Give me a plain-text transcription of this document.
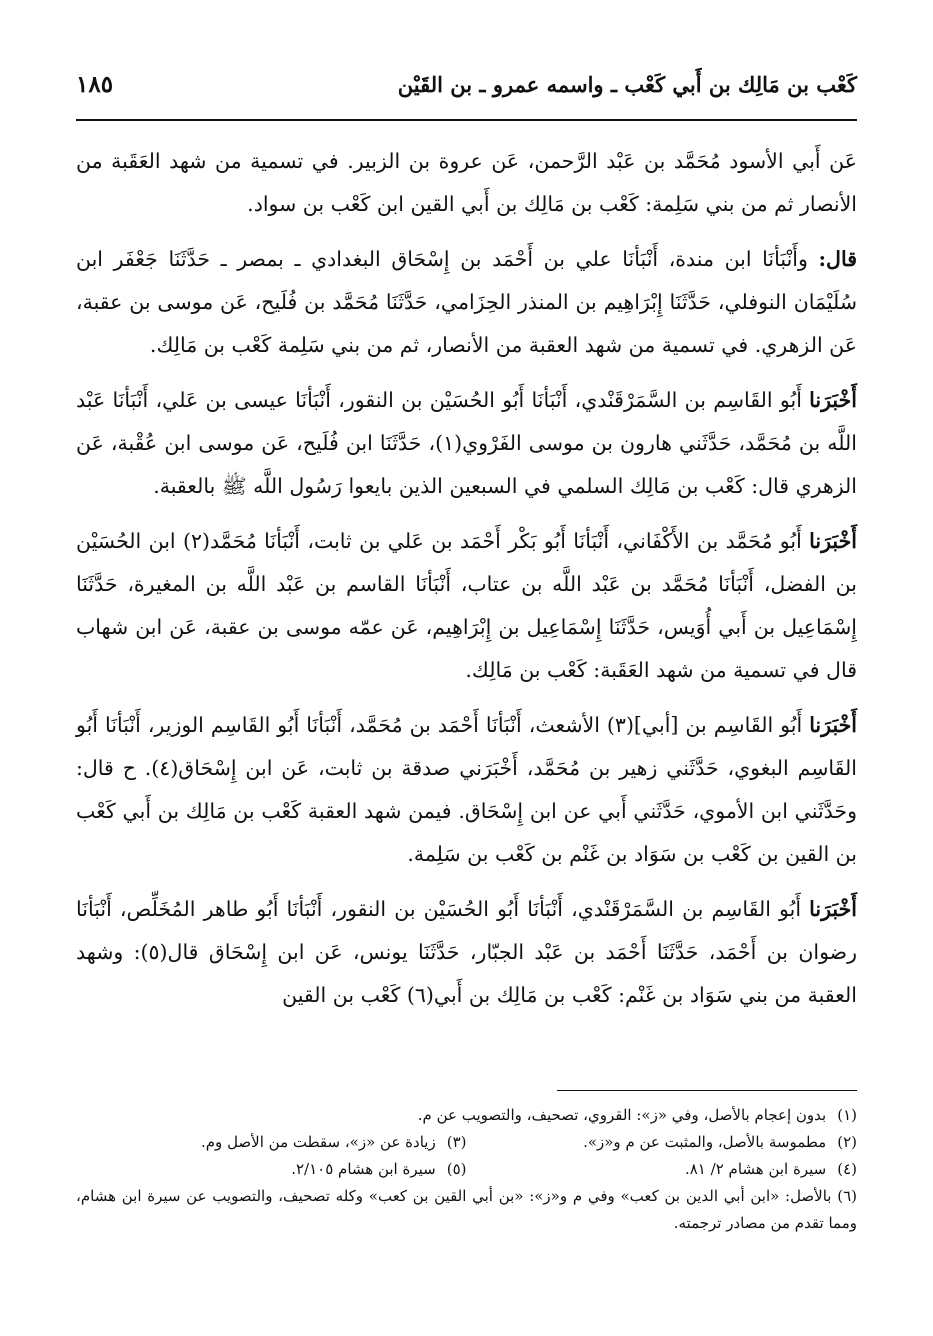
كَعْب بن مَالِك بن أَبي كَعْب ـ واسمه عمرو ـ بن القَيْن
١٨٥

عَن أَبي الأسود مُحَمَّد بن عَبْد الرَّحمن، عَن عروة بن الزبير. في تسمية من شهد العَقَبة من الأنصار ثم من بني سَلِمة: كَعْب بن مَالِك بن أَبي القين ابن كَعْب بن سواد.

قال: وأَنْبَأنَا ابن مندة، أَنْبَأنَا علي بن أَحْمَد بن إِسْحَاق البغدادي ـ بمصر ـ حَدَّثَنَا جَعْفَر ابن سُلَيْمَان النوفلي، حَدَّثَنَا إِبْرَاهِيم بن المنذر الحِزَامي، حَدَّثَنَا مُحَمَّد بن فُلَيح، عَن موسى بن عقبة، عَن الزهري. في تسمية من شهد العقبة من الأنصار، ثم من بني سَلِمة كَعْب بن مَالِك.

أَخْبَرَنا أَبُو القَاسِم بن السَّمَرْقَنْدي، أَنْبَأنَا أَبُو الحُسَيْن بن النقور، أَنْبَأنَا عيسى بن عَلي، أَنْبَأنَا عَبْد اللَّه بن مُحَمَّد، حَدَّثَني هارون بن موسى الفَرْوي(١)، حَدَّثَنَا ابن فُلَيح، عَن موسى ابن عُقْبة، عَن الزهري قال: كَعْب بن مَالِك السلمي في السبعين الذين بايعوا رَسُول اللَّه ﷺ بالعقبة.

أَخْبَرَنا أَبُو مُحَمَّد بن الأَكْفَاني، أَنْبَأنَا أَبُو بَكْر أَحْمَد بن عَلي بن ثابت، أَنْبَأنَا مُحَمَّد(٢) ابن الحُسَيْن بن الفضل، أَنْبَأنَا مُحَمَّد بن عَبْد اللَّه بن عتاب، أَنْبَأنَا القاسم بن عَبْد اللَّه بن المغيرة، حَدَّثَنَا إِسْمَاعِيل بن أَبي أُوَيس، حَدَّثَنَا إِسْمَاعِيل بن إِبْرَاهِيم، عَن عمّه موسى بن عقبة، عَن ابن شهاب قال في تسمية من شهد العَقَبة: كَعْب بن مَالِك.

أَخْبَرَنا أَبُو القَاسِم بن [أبي](٣) الأشعث، أَنْبَأنَا أَحْمَد بن مُحَمَّد، أَنْبَأنَا أَبُو القَاسِم الوزير، أَنْبَأنَا أَبُو القَاسِم البغوي، حَدَّثَني زهير بن مُحَمَّد، أَخْبَرَني صدقة بن ثابت، عَن ابن إِسْحَاق(٤). ح قال: وحَدَّثَني ابن الأموي، حَدَّثَني أَبي عن ابن إِسْحَاق. فيمن شهد العقبة كَعْب بن مَالِك بن أَبي كَعْب بن القين بن كَعْب بن سَوَاد بن غَنْم بن كَعْب بن سَلِمة.

أَخْبَرَنا أَبُو القَاسِم بن السَّمَرْقَنْدي، أَنْبَأنَا أَبُو الحُسَيْن بن النقور، أَنْبَأنَا أَبُو طاهر المُخَلِّص، أَنْبَأنَا رضوان بن أَحْمَد، حَدَّثَنَا أَحْمَد بن عَبْد الجبّار، حَدَّثَنَا يونس، عَن ابن إِسْحَاق قال(٥): وشهد العقبة من بني سَوَاد بن غَنْم: كَعْب بن مَالِك بن أَبي(٦) كَعْب بن القين

(١) بدون إعجام بالأصل، وفي «ز»: القروي، تصحيف، والتصويب عن م.
(٢) مطموسة بالأصل، والمثبت عن م و«ز».
(٣) زيادة عن «ز»، سقطت من الأصل وم.
(٤) سيرة ابن هشام ٢/ ٨١.
(٥) سيرة ابن هشام ٢/١٠٥.

(٦) بالأصل: «ابن أبي الدين بن كعب» وفي م و«ز»: «بن أبي القين بن كعب» وكله تصحيف، والتصويب عن سيرة ابن هشام، ومما تقدم من مصادر ترجمته.
